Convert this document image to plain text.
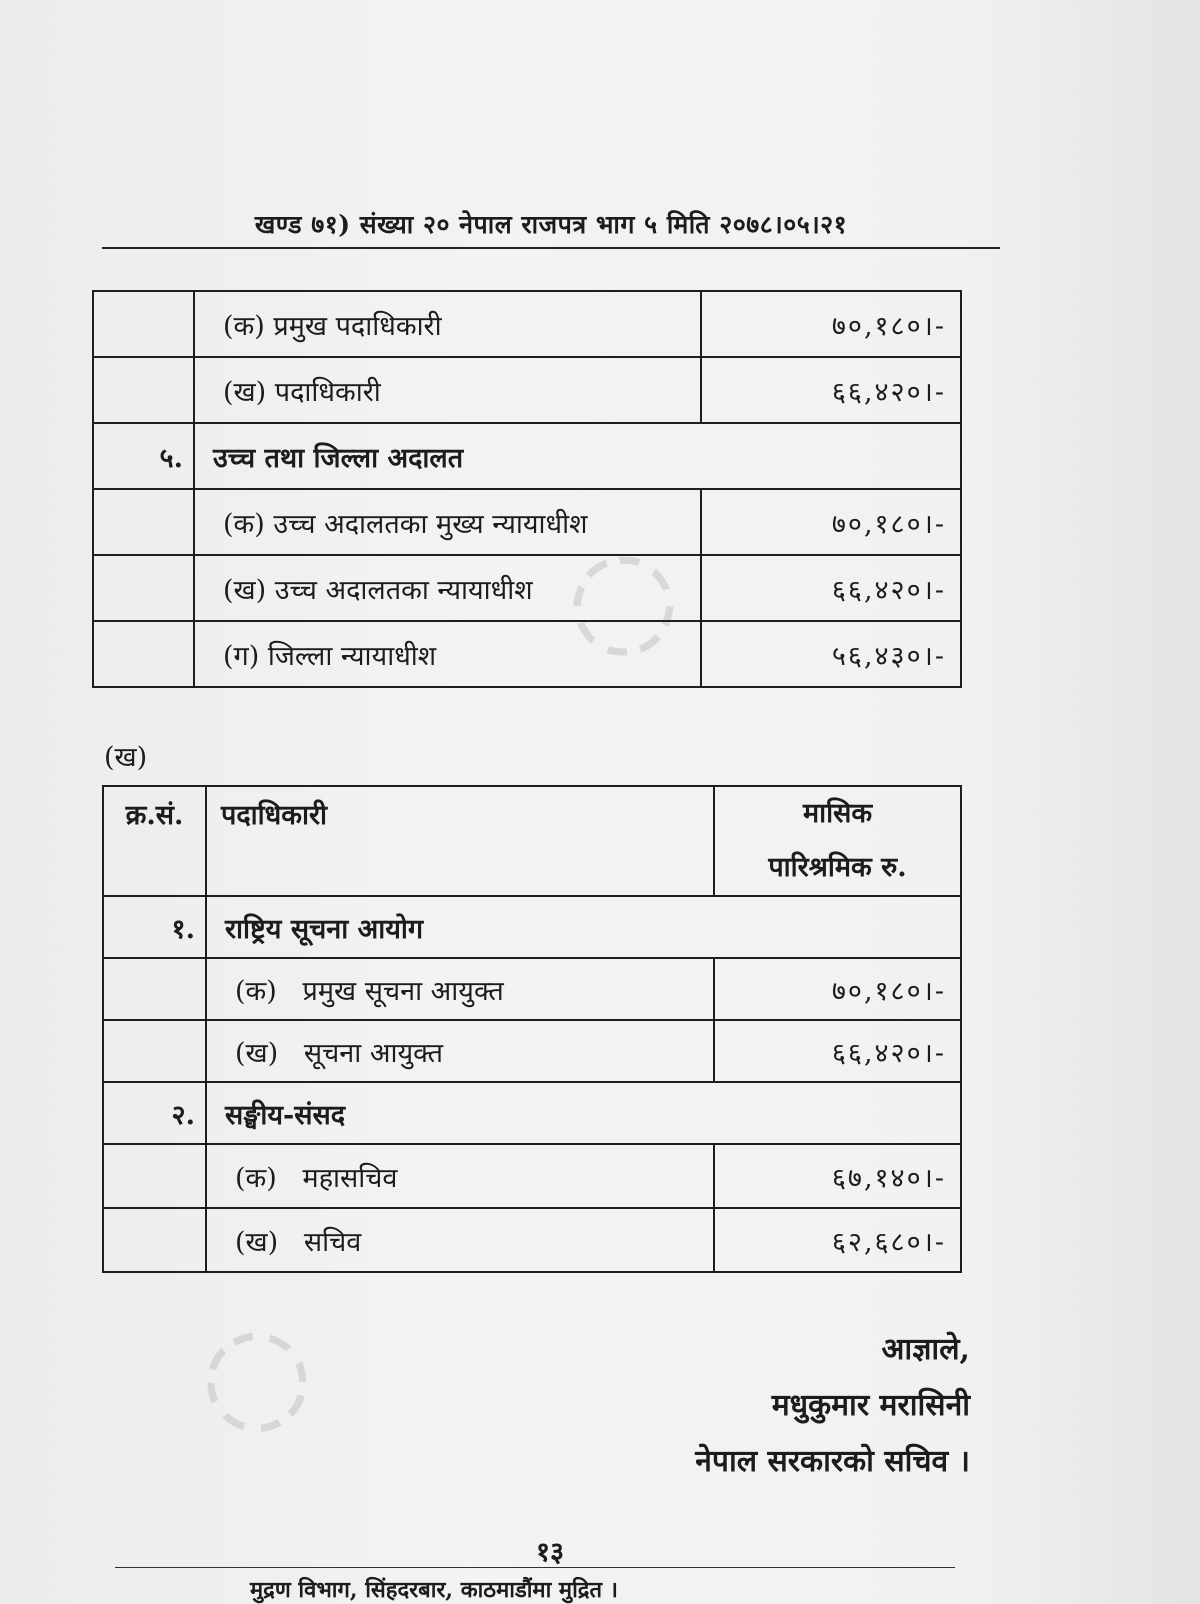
खण्ड ७१) संख्या २० नेपाल राजपत्र भाग ५ मिति २०७८।०५।२१
◌
◌
	(क) प्रमुख पदाधिकारी	७०,१८०।-
	(ख) पदाधिकारी	६६,४२०।-
५.	उच्च तथा जिल्ला अदालत	
	(क) उच्च अदालतका मुख्य न्यायाधीश	७०,१८०।-
	(ख) उच्च अदालतका न्यायाधीश	६६,४२०।-
	(ग) जिल्ला न्यायाधीश	५६,४३०।-
(ख)
क्र.सं.	पदाधिकारी	मासिक
पारिश्रमिक रु.

१.	राष्ट्रिय सूचना आयोग	
	(क)   प्रमुख सूचना आयुक्त	७०,१८०।-
	(ख)   सूचना आयुक्त	६६,४२०।-
२.	सङ्घीय-संसद	
	(क)   महासचिव	६७,१४०।-
	(ख)   सचिव	६२,६८०।-
आज्ञाले,
मधुकुमार मरासिनी
नेपाल सरकारको सचिव ।
१३
मुद्रण विभाग, सिंहदरबार, काठमाडौंमा मुद्रित ।
